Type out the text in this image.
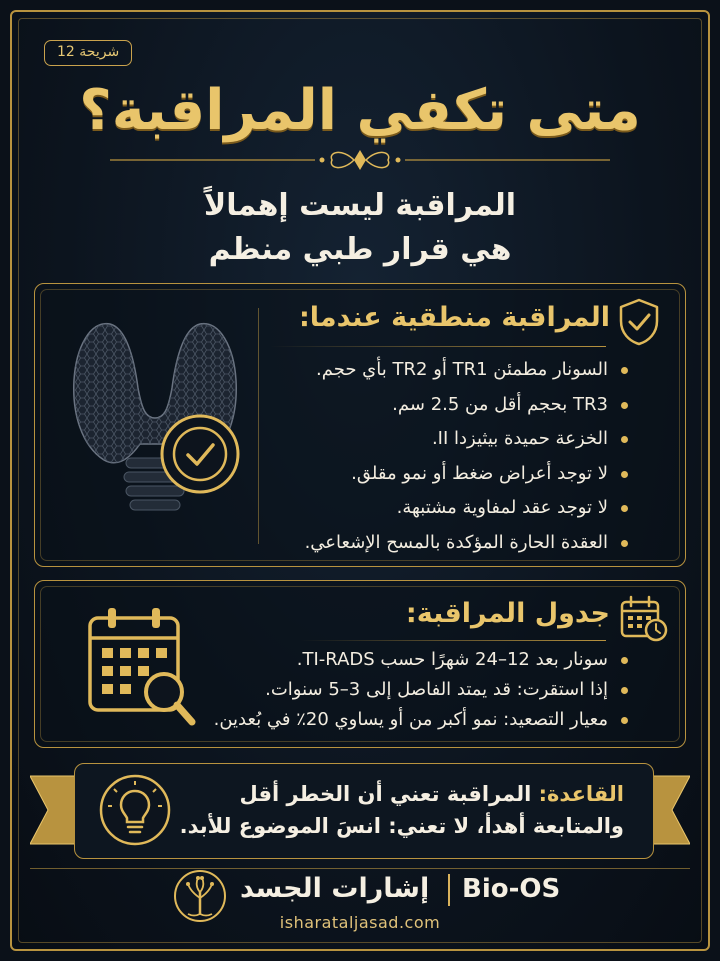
شريحة 12
متى تكفي المراقبة؟
المراقبة ليست إهمالاً
هي قرار طبي منظم
المراقبة منطقية عندما:
السونار مطمئن TR1 أو TR2 بأي حجم.
TR3 بحجم أقل من 2.5 سم.
الخزعة حميدة بيثيزدا II.
لا توجد أعراض ضغط أو نمو مقلق.
لا توجد عقد لمفاوية مشتبهة.
العقدة الحارة المؤكدة بالمسح الإشعاعي.
جدول المراقبة:
سونار بعد 12–24 شهرًا حسب TI-RADS.
إذا استقرت: قد يمتد الفاصل إلى 3–5 سنوات.
معيار التصعيد: نمو أكبر من أو يساوي 20٪ في بُعدين.
القاعدة: المراقبة تعني أن الخطر أقل
والمتابعة أهدأ، لا تعني: انسَ الموضوع للأبد.
إشارات الجسد Bio-OS
isharataljasad.com
